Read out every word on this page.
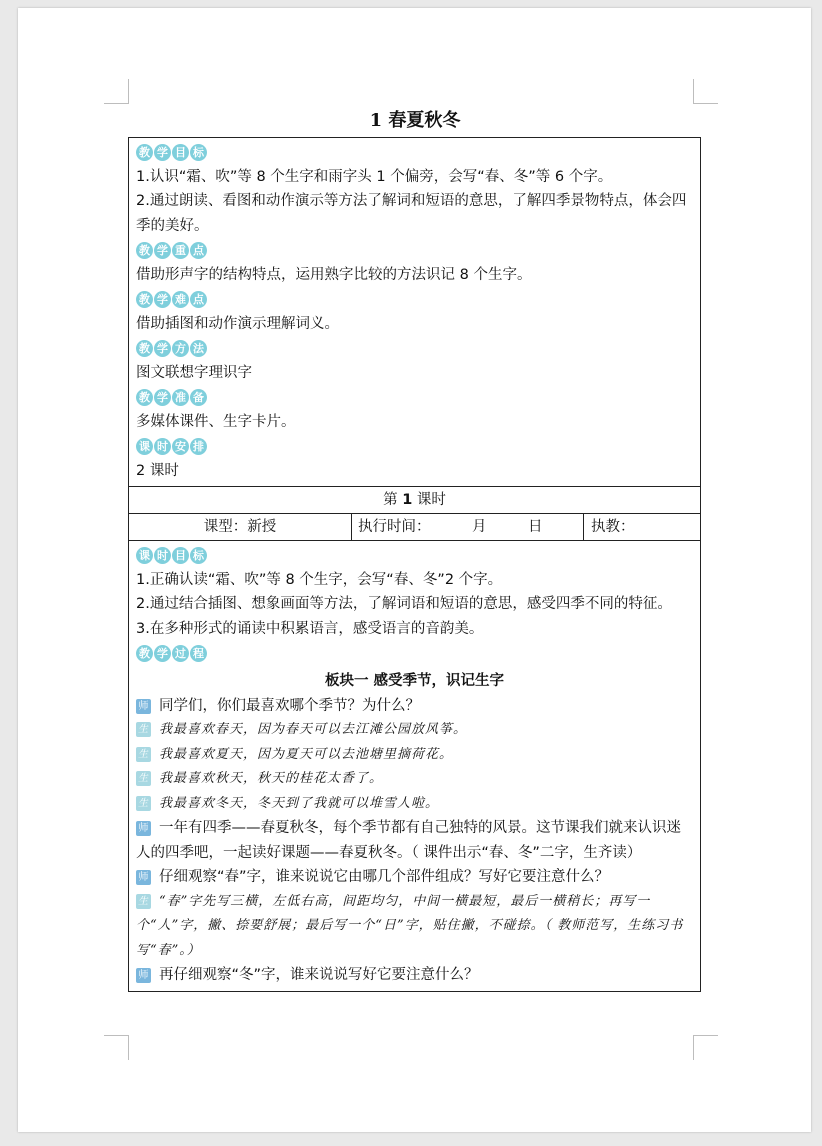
1 春夏秋冬
教 学 目 标

1.认识“霜、吹”等 8 个生字和雨字头 1 个偏旁，会写“春、冬”等 6 个字。

2.通过朗读、看图和动作演示等方法了解词和短语的意思，了解四季景物特点，体会四季的美好。

教 学 重 点

借助形声字的结构特点，运用熟字比较的方法识记 8 个生字。

教 学 难 点

借助插图和动作演示理解词义。

教 学 方 法

图文联想字理识字

教 学 准 备

多媒体课件、生字卡片。

课 时 安 排

2 课时

第 1 课时
课型：新授	执行时间：         月         日	执教：
课 时 目 标

1.正确认读“霜、吹”等 8 个生字，会写“春、冬”2 个字。

2.通过结合插图、想象画面等方法，了解词语和短语的意思，感受四季不同的特征。

3.在多种形式的诵读中积累语言，感受语言的音韵美。

教 学 过 程
板块一 感受季节，识记生字
师 同学们，你们最喜欢哪个季节？为什么？
生 我最喜欢春天，因为春天可以去江滩公园放风筝。
生 我最喜欢夏天，因为夏天可以去池塘里摘荷花。
生 我最喜欢秋天，秋天的桂花太香了。
生 我最喜欢冬天，冬天到了我就可以堆雪人啦。
师 一年有四季——春夏秋冬，每个季节都有自己独特的风景。这节课我们就来认识迷人的四季吧，一起读好课题——春夏秋冬。（ 课件出示“春、冬”二字，生齐读）
师 仔细观察“春”字，谁来说说它由哪几个部件组成？写好它要注意什么？
生 “春”字先写三横，左低右高，间距均匀，中间一横最短，最后一横稍长；再写一个“人”字，撇、捺要舒展；最后写一个“日”字，贴住撇，不碰捺。（ 教师范写，生练习书写“春”。）
师 再仔细观察“冬”字，谁来说说写好它要注意什么？
